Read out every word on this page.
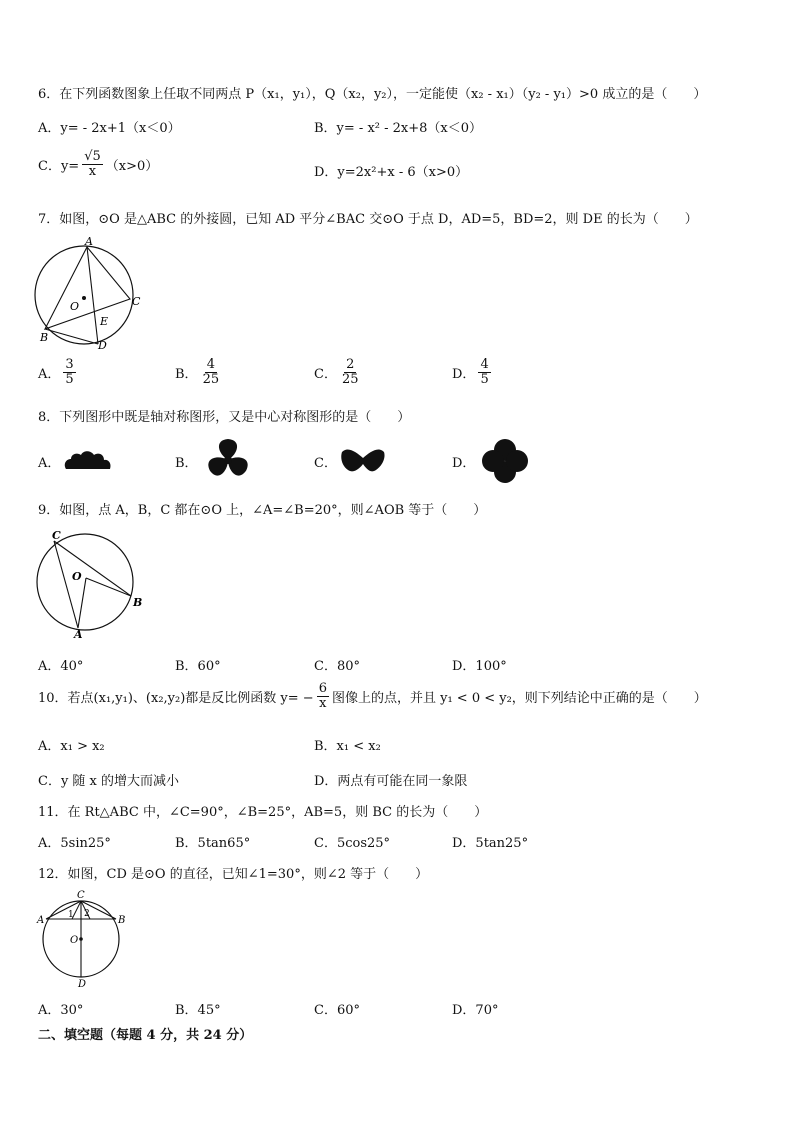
6．在下列函数图象上任取不同两点 P（x₁，y₁），Q（x₂，y₂），一定能使（x₂ - x₁）（y₂ - y₁）>0 成立的是（　　）
A．y= - 2x+1（x＜0）	B．y= - x² - 2x+8（x＜0）
C．$y= \frac{√5}{x} (x>0)$	D．y=2x²+x - 6（x>0）
7．如图，⊙O 是△ABC 的外接圆，已知 AD 平分∠BAC 交⊙O 于点 D，AD=5，BD=2，则 DE 的长为（　　）
A
B
C
D
E
O
A． $\frac{3}{5}$	B． $\frac{4}{25}$	C． $\frac{2}{25}$	D． $\frac{4}{5}$
8．下列图形中既是轴对称图形，又是中心对称图形的是（　　）
A．	B．	C．	D．
9．如图，点 A，B，C 都在⊙O 上，∠A=∠B=20°，则∠AOB 等于（　　）
C
O
B
A
A．40°	B．60°	C．80°	D．100°
10．若点(x₁,y₁)、(x₂,y₂)都是反比例函数 $y= - \frac{6}{x}$ 图像上的点，并且 y₁ < 0 < y₂，则下列结论中正确的是（　　）
A．x₁ > x₂	B．x₁ < x₂
C．y 随 x 的增大而减小	D．两点有可能在同一象限
11．在 Rt△ABC 中，∠C=90°，∠B=25°，AB=5，则 BC 的长为（　　）
A．5sin25°	B．5tan65°	C．5cos25°	D．5tan25°
12．如图，CD 是⊙O 的直径，已知∠1=30°，则∠2 等于（　　）
C
A	B
O
D
1 2
A．30°	B．45°	C．60°	D．70°
二、填空题（每题 4 分，共 24 分）
